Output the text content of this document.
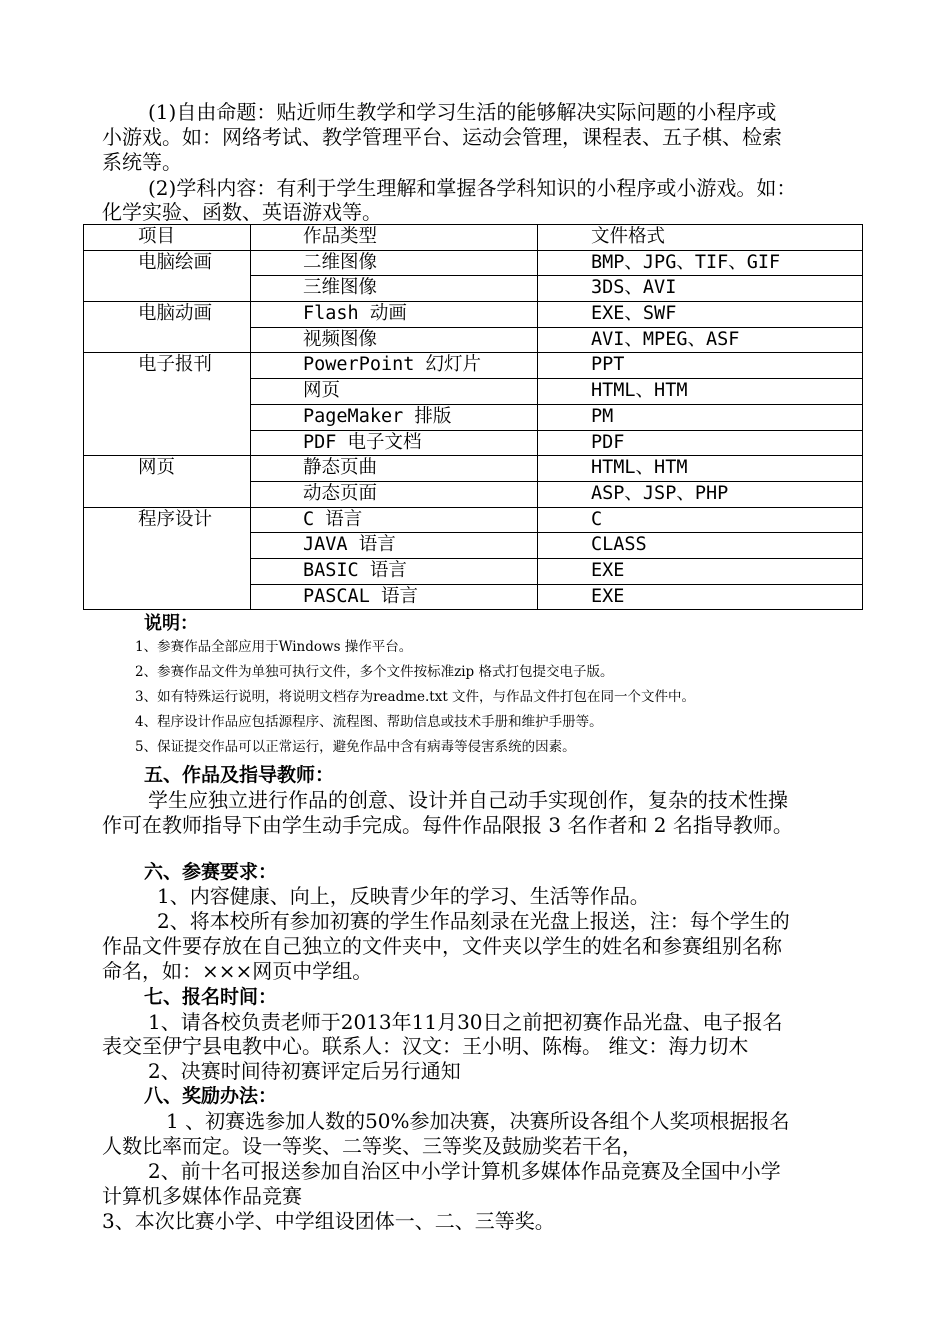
(1)自由命题：贴近师生教学和学习生活的能够解决实际问题的小程序或
小游戏。如：网络考试、教学管理平台、运动会管理，课程表、五子棋、检索
系统等。
(2)学科内容：有利于学生理解和掌握各学科知识的小程序或小游戏。如：
化学实验、函数、英语游戏等。
项目	作品类型	文件格式
电脑绘画	二维图像	BMP、JPG、TIF、GIF
	三维图像	3DS、AVI
电脑动画	Flash 动画	EXE、SWF
	视频图像	AVI、MPEG、ASF
电子报刊	PowerPoint 幻灯片	PPT
	网页	HTML、HTM
	PageMaker 排版	PM
	PDF 电子文档	PDF
网页	静态页曲	HTML、HTM
	动态页面	ASP、JSP、PHP
程序设计	C 语言	C
	JAVA 语言	CLASS
	BASIC 语言	EXE
	PASCAL 语言	EXE
说明：
1、参赛作品全部应用于Windows 操作平台。
2、参赛作品文件为单独可执行文件，多个文件按标准zip 格式打包提交电子版。
3、如有特殊运行说明，将说明文档存为readme.txt 文件，与作品文件打包在同一个文件中。
4、程序设计作品应包括源程序、流程图、帮助信息或技术手册和维护手册等。
5、保证提交作品可以正常运行，避免作品中含有病毒等侵害系统的因素。
五、作品及指导教师：
学生应独立进行作品的创意、设计并自己动手实现创作，复杂的技术性操
作可在教师指导下由学生动手完成。每件作品限报 3 名作者和 2 名指导教师。
六、参赛要求：
1、内容健康、向上，反映青少年的学习、生活等作品。
2、将本校所有参加初赛的学生作品刻录在光盘上报送，注：每个学生的
作品文件要存放在自己独立的文件夹中，文件夹以学生的姓名和参赛组别名称
命名，如：×××网页中学组。
七、报名时间：
1、请各校负责老师于2013年11月30日之前把初赛作品光盘、电子报名
表交至伊宁县电教中心。联系人：汉文：王小明、陈梅。 维文：海力切木
2、决赛时间待初赛评定后另行通知
八、奖励办法：
1 、初赛选参加人数的50%参加决赛，决赛所设各组个人奖项根据报名
人数比率而定。设一等奖、二等奖、三等奖及鼓励奖若干名，
2、前十名可报送参加自治区中小学计算机多媒体作品竞赛及全国中小学
计算机多媒体作品竞赛
3、本次比赛小学、中学组设团体一、二、三等奖。
